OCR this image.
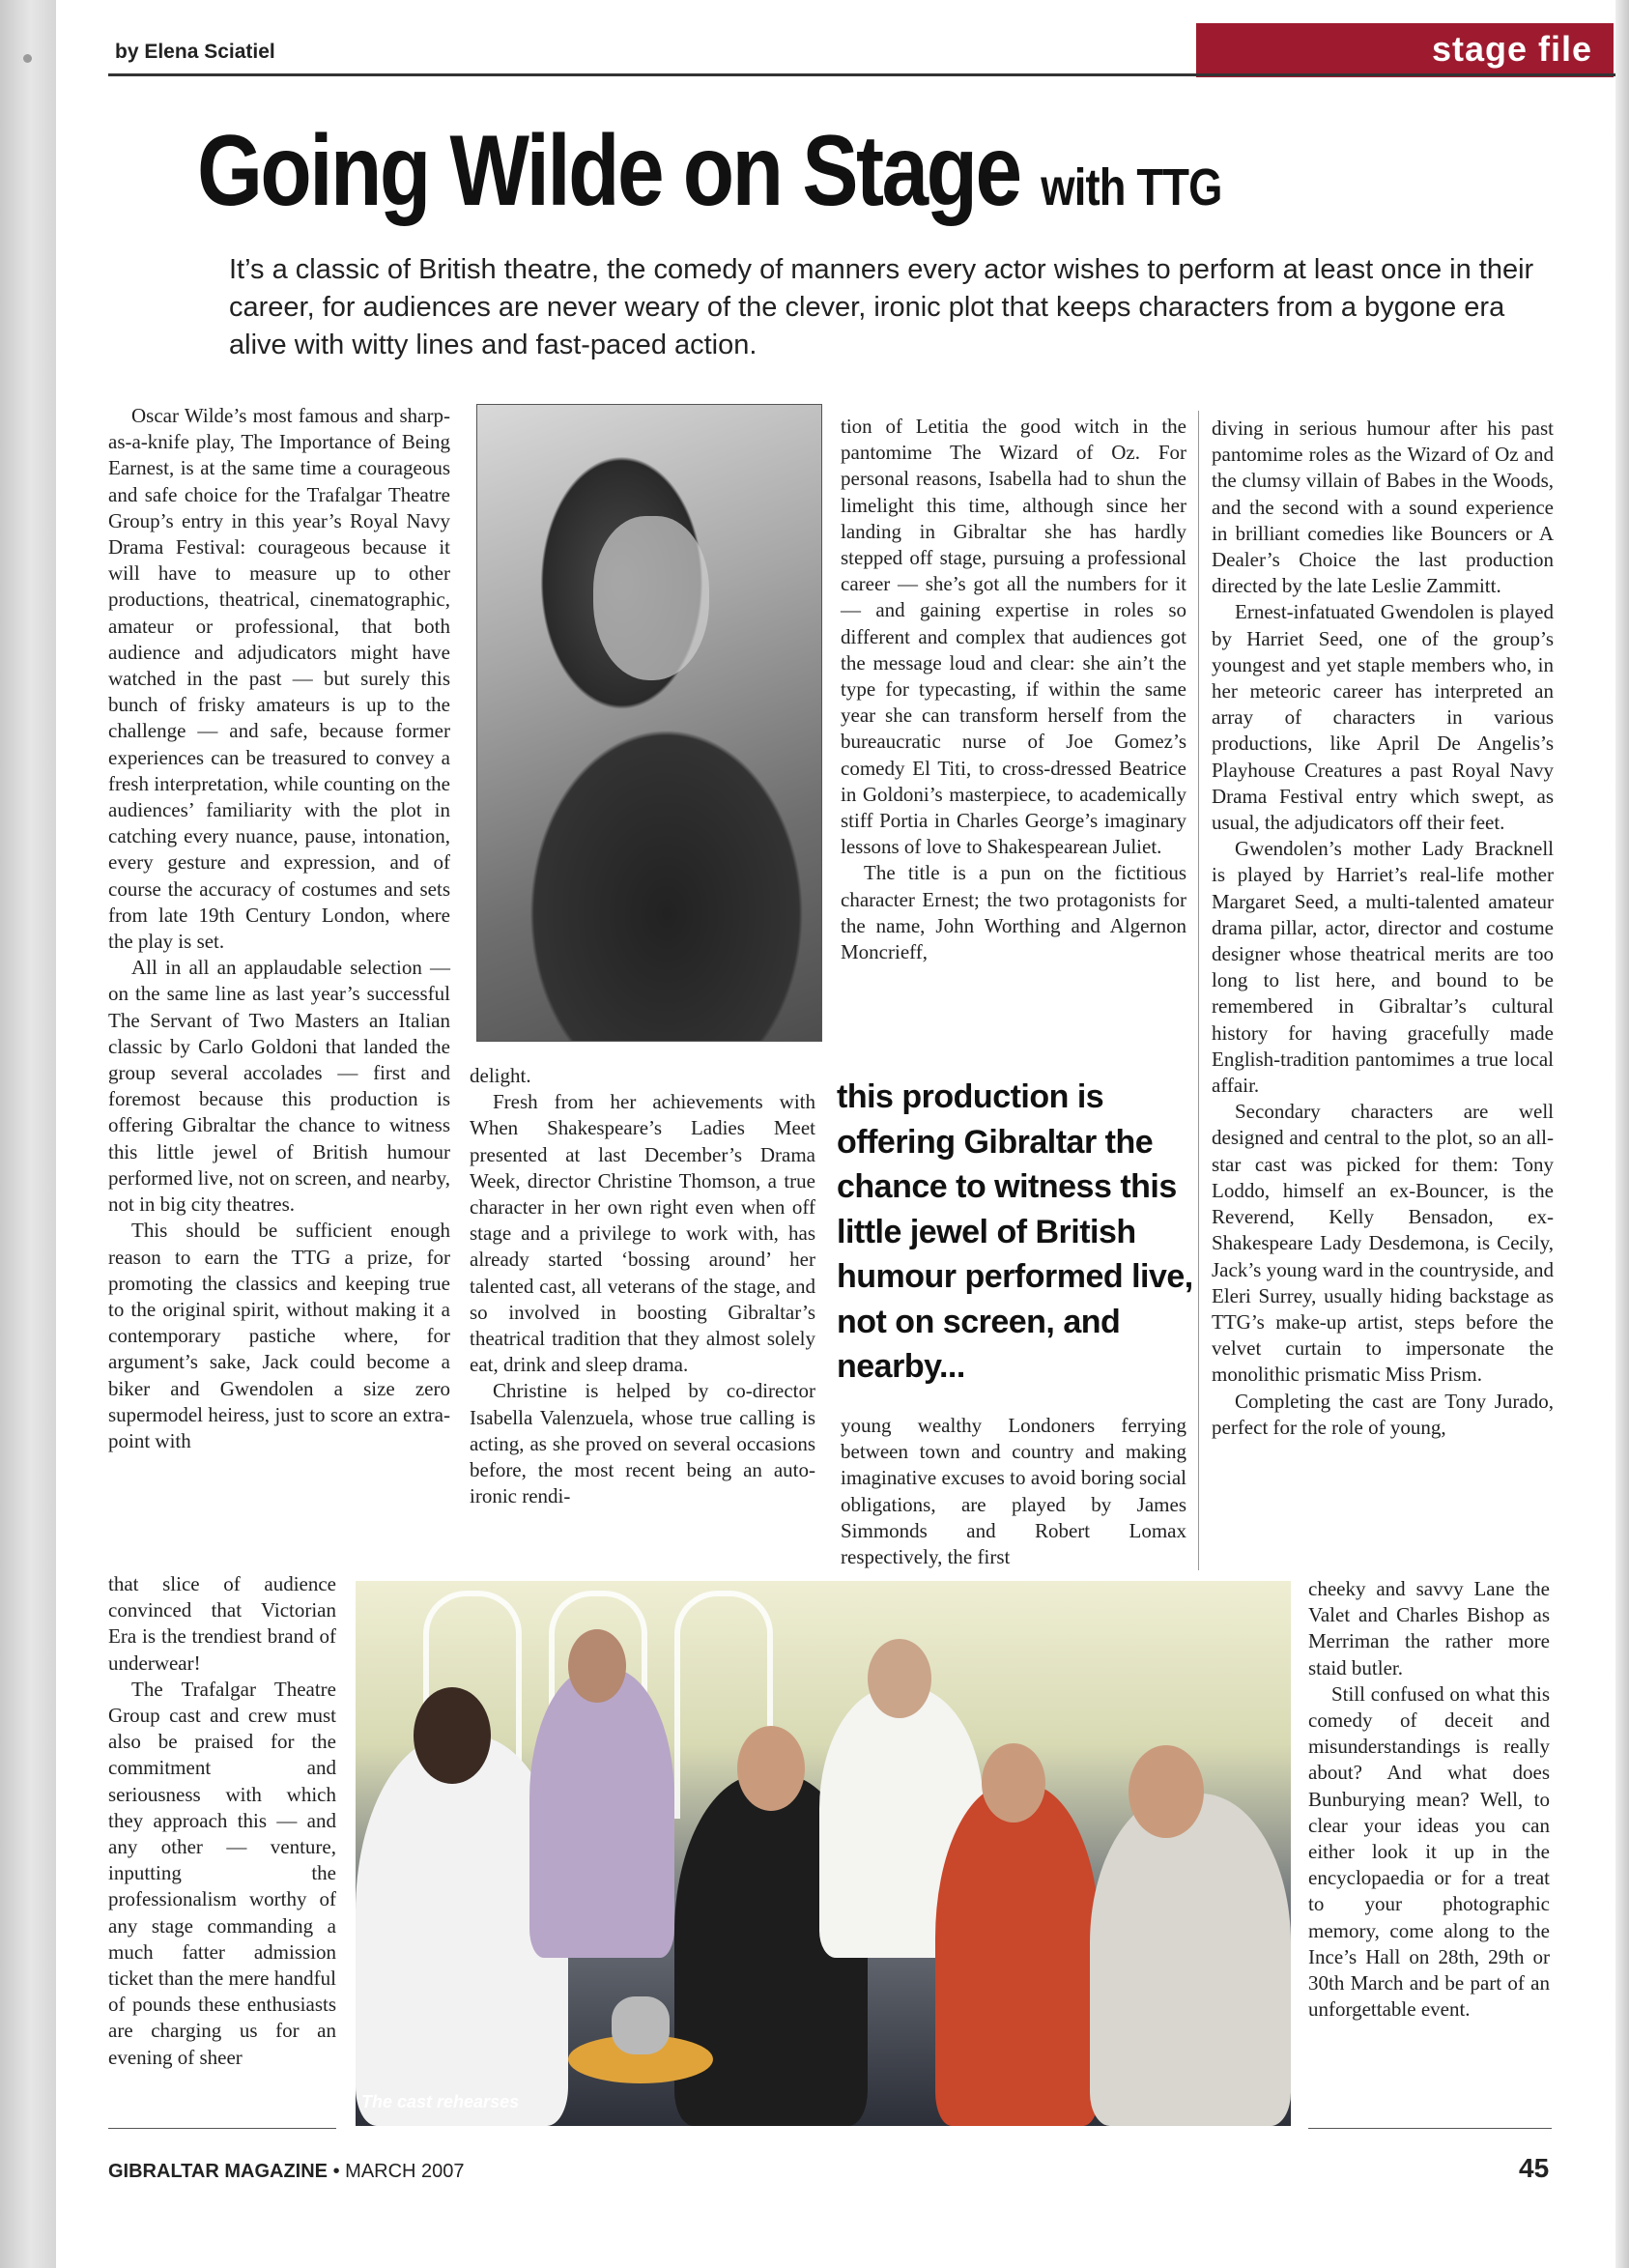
by Elena Sciatiel	stage file
Going Wilde on Stage with TTG
It’s a classic of British theatre, the comedy of manners every actor wishes to perform at least once in their career, for audiences are never weary of the clever, ironic plot that keeps characters from a bygone era alive with witty lines and fast-paced action.

Oscar Wilde’s most famous and sharp-as-a-knife play, The Importance of Being Earnest, is at the same time a courageous and safe choice for the Trafalgar Theatre Group’s entry in this year’s Royal Navy Drama Festival: courageous because it will have to measure up to other productions, theatrical, cinematographic, amateur or professional, that both audience and adjudicators might have watched in the past — but surely this bunch of frisky amateurs is up to the challenge — and safe, because former experiences can be treasured to convey a fresh interpretation, while counting on the audiences’ familiarity with the plot in catching every nuance, pause, intonation, every gesture and expression, and of course the accuracy of costumes and sets from late 19th Century London, where the play is set.

All in all an applaudable selection — on the same line as last year’s successful The Servant of Two Masters an Italian classic by Carlo Goldoni that landed the group several accolades — first and foremost because this production is offering Gibraltar the chance to witness this little jewel of British humour performed live, not on screen, and nearby, not in big city theatres.

This should be sufficient enough reason to earn the TTG a prize, for promoting the classics and keeping true to the original spirit, without making it a contemporary pastiche where, for argument’s sake, Jack could become a biker and Gwendolen a size zero supermodel heiress, just to score an extra-point with

that slice of audience convinced that Victorian Era is the trendiest brand of underwear!

The Trafalgar Theatre Group cast and crew must also be praised for the commitment and seriousness with which they approach this — and any other — venture, inputting the professionalism worthy of any stage commanding a much fatter admission ticket than the mere handful of pounds these enthusiasts are charging us for an evening of sheer

delight.

Fresh from her achievements with When Shakespeare’s Ladies Meet presented at last December’s Drama Week, director Christine Thomson, a true character in her own right even when off stage and a privilege to work with, has already started ‘bossing around’ her talented cast, all veterans of the stage, and so involved in boosting Gibraltar’s theatrical tradition that they almost solely eat, drink and sleep drama.

Christine is helped by co-director Isabella Valenzuela, whose true calling is acting, as she proved on several occasions before, the most recent being an auto-ironic rendi-

tion of Letitia the good witch in the pantomime The Wizard of Oz. For personal reasons, Isabella had to shun the limelight this time, although since her landing in Gibraltar she has hardly stepped off stage, pursuing a professional career — she’s got all the numbers for it — and gaining expertise in roles so different and complex that audiences got the message loud and clear: she ain’t the type for typecasting, if within the same year she can transform herself from the bureaucratic nurse of Joe Gomez’s comedy El Titi, to cross-dressed Beatrice in Goldoni’s masterpiece, to academically stiff Portia in Charles George’s imaginary lessons of love to Shakespearean Juliet.

The title is a pun on the fictitious character Ernest; the two protagonists for the name, John Worthing and Algernon Moncrieff,

this production is offering Gibraltar the chance to witness this little jewel of British humour performed live, not on screen, and nearby...

young wealthy Londoners ferrying between town and country and making imaginative excuses to avoid boring social obligations, are played by James Simmonds and Robert Lomax respectively, the first

diving in serious humour after his past pantomime roles as the Wizard of Oz and the clumsy villain of Babes in the Woods, and the second with a sound experience in brilliant comedies like Bouncers or A Dealer’s Choice the last production directed by the late Leslie Zammitt.

Ernest-infatuated Gwendolen is played by Harriet Seed, one of the group’s youngest and yet staple members who, in her meteoric career has interpreted an array of characters in various productions, like April De Angelis’s Playhouse Creatures a past Royal Navy Drama Festival entry which swept, as usual, the adjudicators off their feet.

Gwendolen’s mother Lady Bracknell is played by Harriet’s real-life mother Margaret Seed, a multi-talented amateur drama pillar, actor, director and costume designer whose theatrical merits are too long to list here, and bound to be remembered in Gibraltar’s cultural history for having gracefully made English-tradition pantomimes a true local affair.

Secondary characters are well designed and central to the plot, so an all-star cast was picked for them: Tony Loddo, himself an ex-Bouncer, is the Reverend, Kelly Bensadon, ex-Shakespeare Lady Desdemona, is Cecily, Jack’s young ward in the countryside, and Eleri Surrey, usually hiding backstage as TTG’s make-up artist, steps before the velvet curtain to impersonate the monolithic prismatic Miss Prism.

Completing the cast are Tony Jurado, perfect for the role of young,

cheeky and savvy Lane the Valet and Charles Bishop as Merriman the rather more staid butler.

Still confused on what this comedy of deceit and misunderstandings is really about? And what does Bunburying mean? Well, to clear your ideas you can either look it up in the encyclopaedia or for a treat to your photographic memory, come along to the Ince’s Hall on 28th, 29th or 30th March and be part of an unforgettable event.

The cast rehearses
GIBRALTAR MAGAZINE • MARCH 2007	45
